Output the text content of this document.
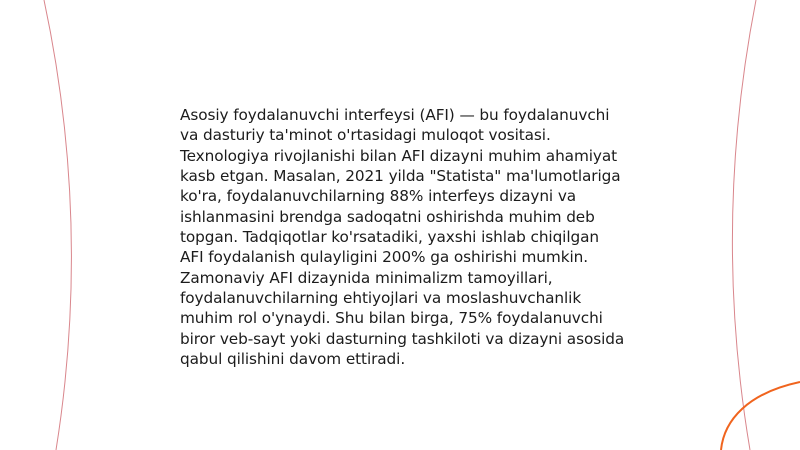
Asosiy foydalanuvchi interfeysi (AFI) — bu foydalanuvchi va dasturiy ta'minot o'rtasidagi muloqot vositasi. Texnologiya rivojlanishi bilan AFI dizayni muhim ahamiyat kasb etgan. Masalan, 2021 yilda "Statista" ma'lumotlariga ko'ra, foydalanuvchilarning 88% interfeys dizayni va ishlanmasini brendga sadoqatni oshirishda muhim deb topgan. Tadqiqotlar ko'rsatadiki, yaxshi ishlab chiqilgan AFI foydalanish qulayligini 200% ga oshirishi mumkin. Zamonaviy AFI dizaynida minimalizm tamoyillari, foydalanuvchilarning ehtiyojlari va moslashuvchanlik muhim rol o'ynaydi. Shu bilan birga, 75% foydalanuvchi biror veb-sayt yoki dasturning tashkiloti va dizayni asosida qabul qilishini davom ettiradi.
